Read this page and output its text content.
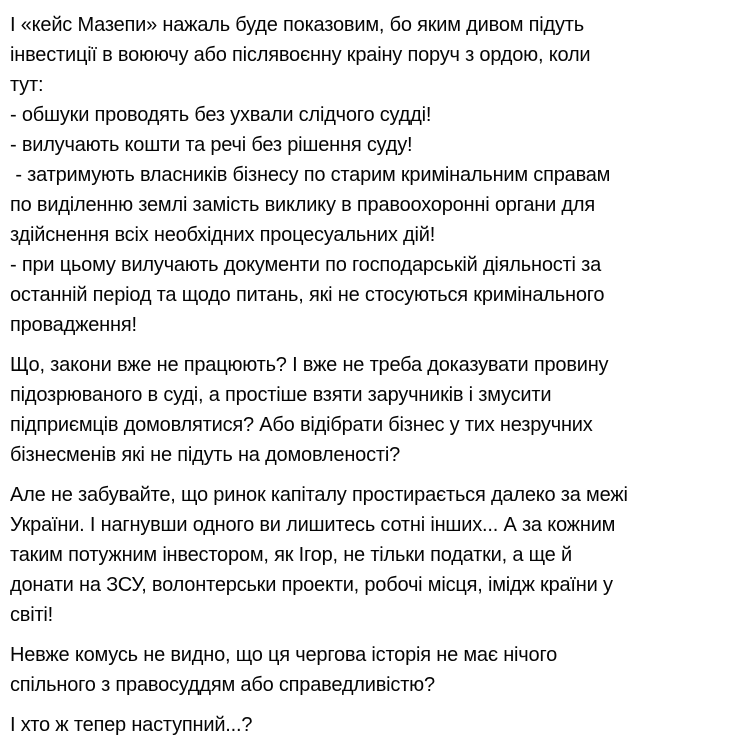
І «кейс Мазепи» нажаль буде показовим, бо яким дивом підуть
інвестиції в воюючу або післявоєнну краіну поруч з ордою, коли
тут:
- обшуки проводять без ухвали слідчого судді!
- вилучають кошти та речі без рішення суду!
- затримують власників бізнесу по старим кримінальним справам
по виділенню землі замість виклику в правоохоронні органи для
здійснення всіх необхідних процесуальних дій!
- при цьому вилучають документи по господарській діяльності за
останній період та щодо питань, які не стосуються кримінального
провадження!
Що, закони вже не працюють? І вже не треба доказувати провину
підозрюваного в суді, а простіше взяти заручників і змусити
підприємців домовлятися? Або відібрати бізнес у тих незручних
бізнесменів які не підуть на домовленості?
Але не забувайте, що ринок капіталу простирається далеко за межі
України. І нагнувши одного ви лишитесь сотні інших... А за кожним
таким потужним інвестором, як Ігор, не тільки податки, а ще й
донати на ЗСУ, волонтерськи проекти, робочі місця, імідж країни у
світі!
Невже комусь не видно, що ця чергова історія не має нічого
спільного з правосуддям або справедливістю?
І хто ж тепер наступний...?
